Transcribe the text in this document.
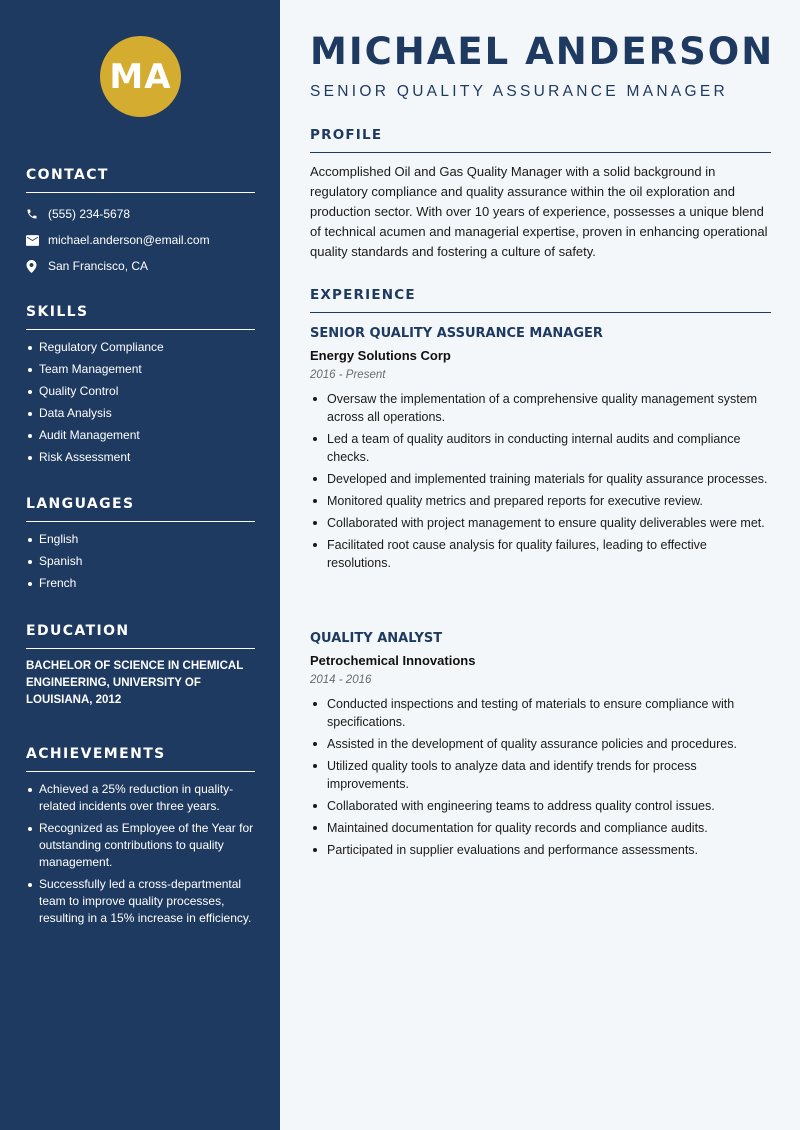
MA
CONTACT
(555) 234-5678
michael.anderson@email.com
San Francisco, CA
SKILLS
Regulatory Compliance
Team Management
Quality Control
Data Analysis
Audit Management
Risk Assessment
LANGUAGES
English
Spanish
French
EDUCATION
BACHELOR OF SCIENCE IN CHEMICAL ENGINEERING, UNIVERSITY OF LOUISIANA, 2012
ACHIEVEMENTS
Achieved a 25% reduction in quality-related incidents over three years.
Recognized as Employee of the Year for outstanding contributions to quality management.
Successfully led a cross-departmental team to improve quality processes, resulting in a 15% increase in efficiency.
MICHAEL ANDERSON
SENIOR QUALITY ASSURANCE MANAGER
PROFILE
Accomplished Oil and Gas Quality Manager with a solid background in regulatory compliance and quality assurance within the oil exploration and production sector. With over 10 years of experience, possesses a unique blend of technical acumen and managerial expertise, proven in enhancing operational quality standards and fostering a culture of safety.
EXPERIENCE
SENIOR QUALITY ASSURANCE MANAGER
Energy Solutions Corp
2016 - Present
Oversaw the implementation of a comprehensive quality management system across all operations.
Led a team of quality auditors in conducting internal audits and compliance checks.
Developed and implemented training materials for quality assurance processes.
Monitored quality metrics and prepared reports for executive review.
Collaborated with project management to ensure quality deliverables were met.
Facilitated root cause analysis for quality failures, leading to effective resolutions.
QUALITY ANALYST
Petrochemical Innovations
2014 - 2016
Conducted inspections and testing of materials to ensure compliance with specifications.
Assisted in the development of quality assurance policies and procedures.
Utilized quality tools to analyze data and identify trends for process improvements.
Collaborated with engineering teams to address quality control issues.
Maintained documentation for quality records and compliance audits.
Participated in supplier evaluations and performance assessments.
